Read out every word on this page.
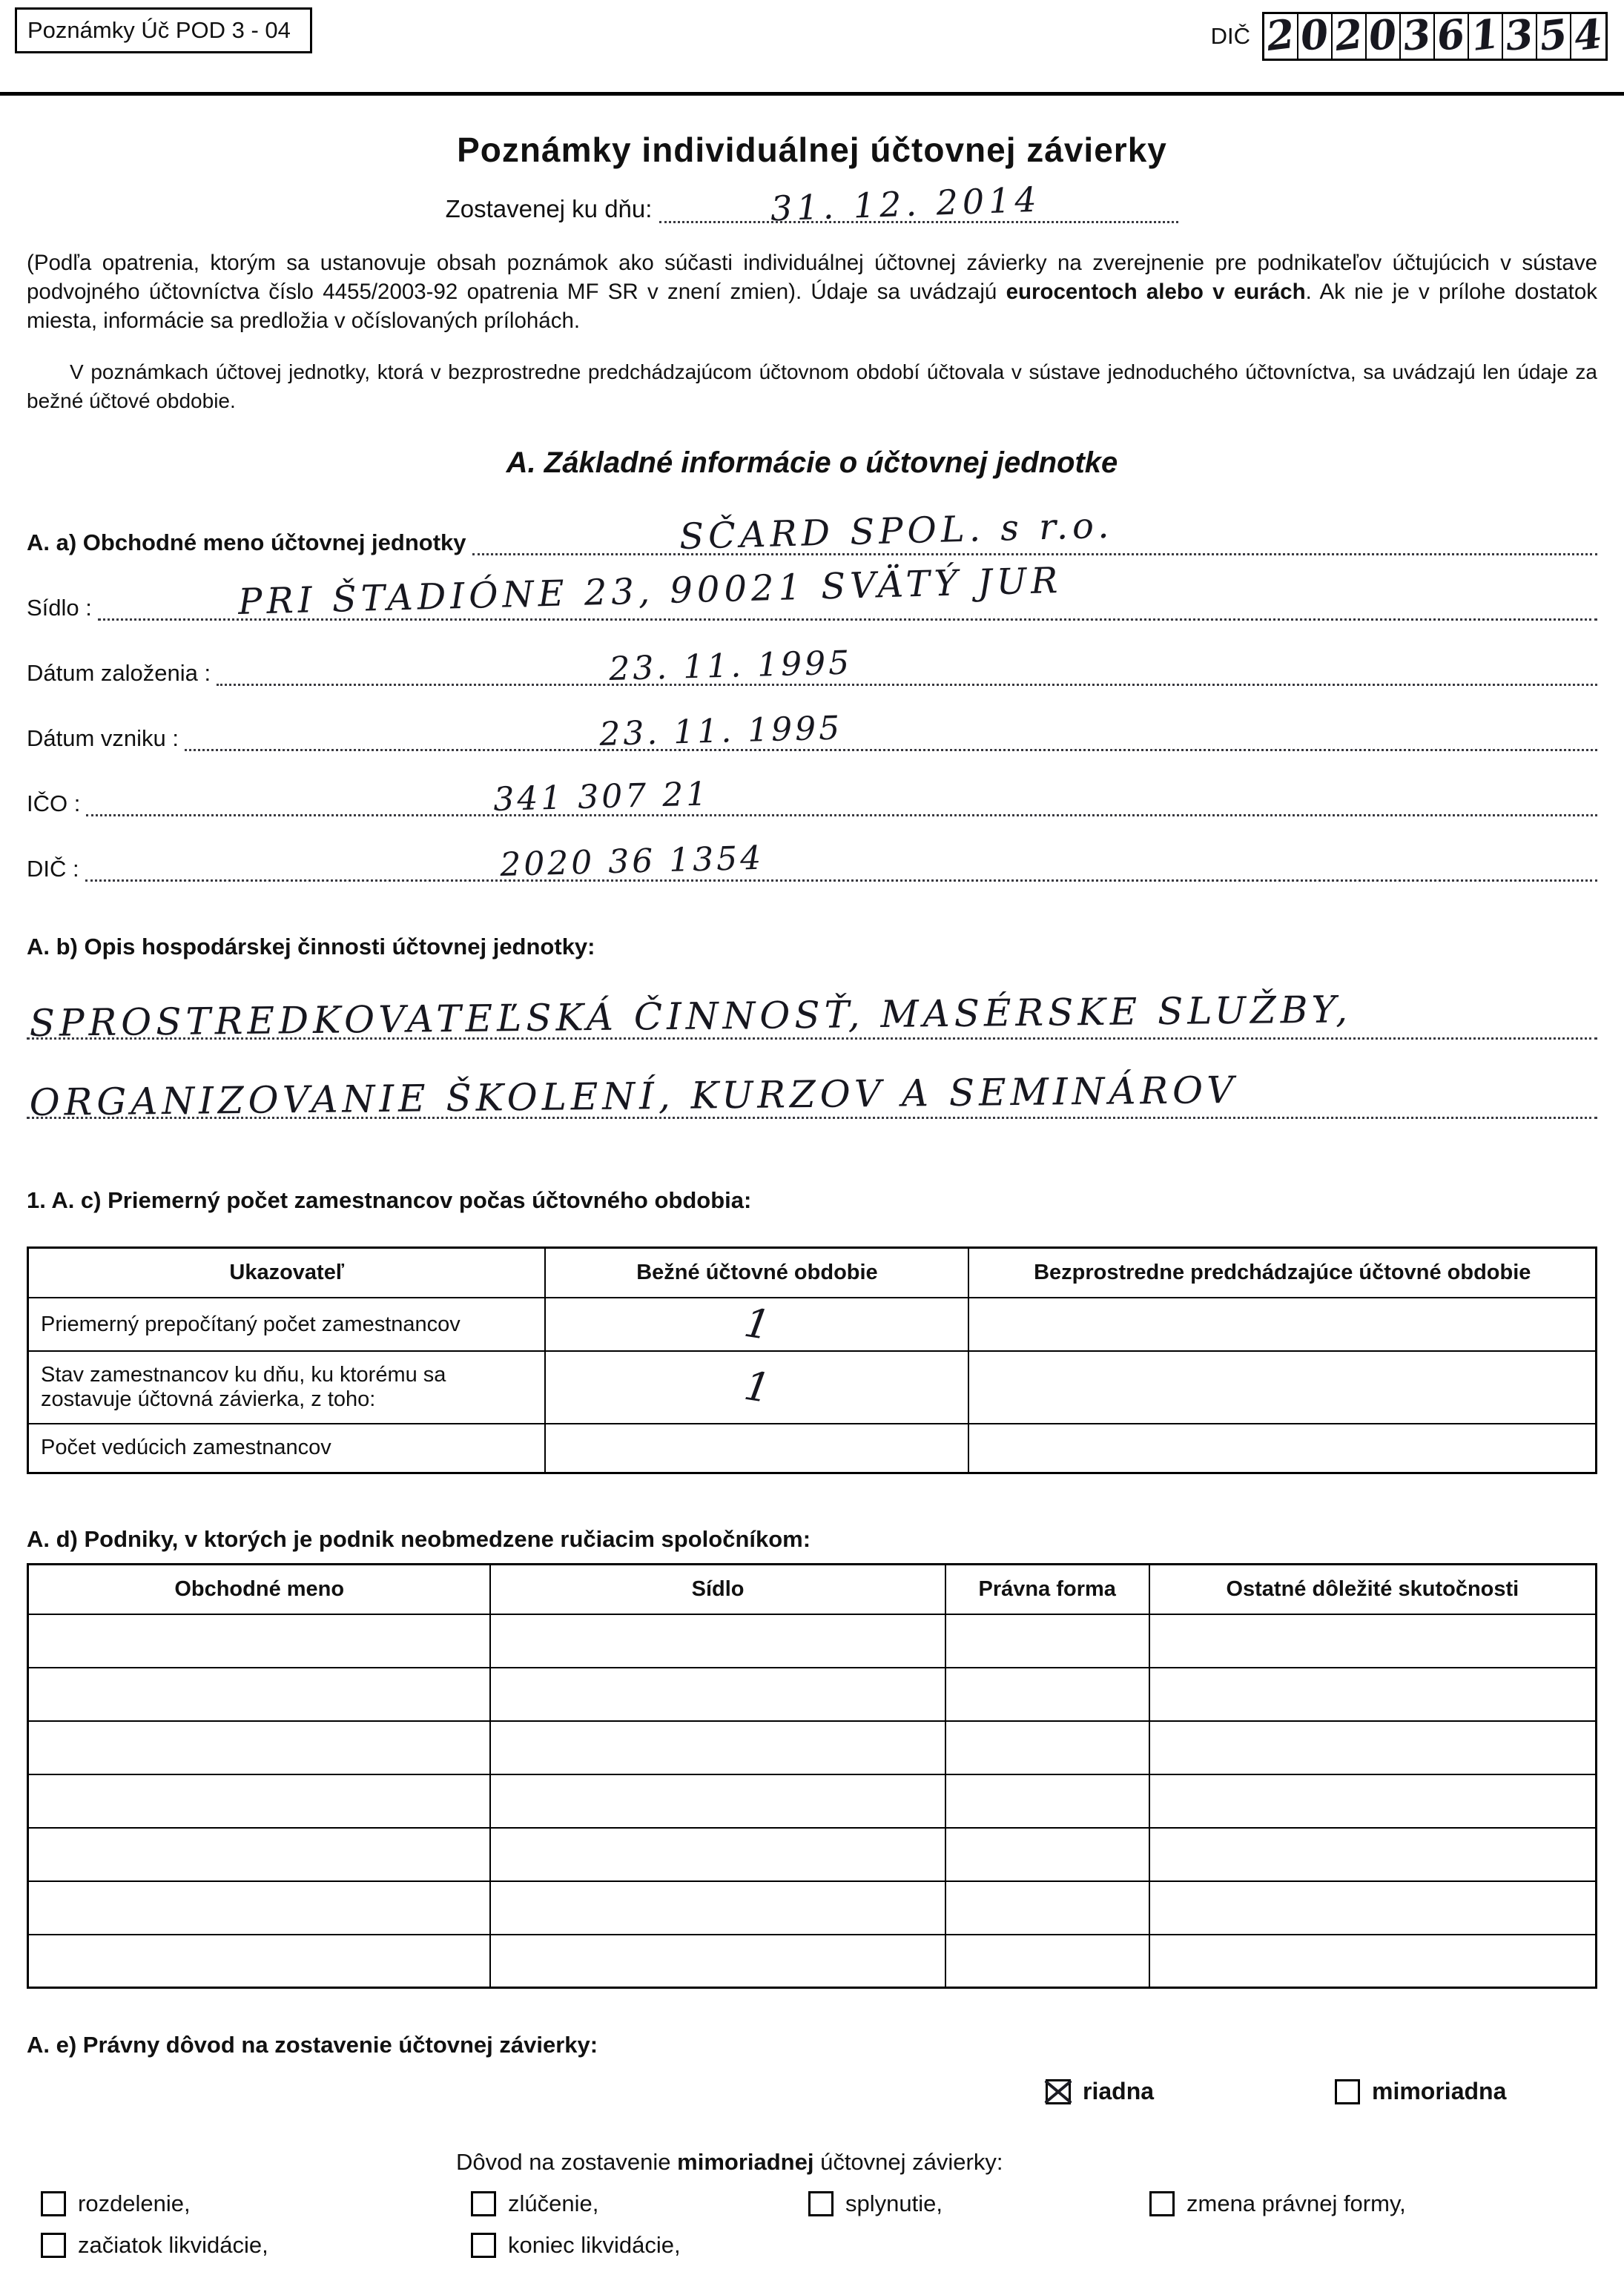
Poznámky Úč POD 3 - 04	DIČ 2 0 2 0 3 6 1 3 5 4
Poznámky individuálnej účtovnej závierky
Zostavenej ku dňu:	31. 12. 2014

(Podľa opatrenia, ktorým sa ustanovuje obsah poznámok ako súčasti individuálnej účtovnej závierky na zverejnenie pre podnikateľov účtujúcich v sústave podvojného účtovníctva číslo 4455/2003-92 opatrenia MF SR v znení zmien). Údaje sa uvádzajú eurocentoch alebo v eurách. Ak nie je v prílohe dostatok miesta, informácie sa predložia v očíslovaných prílohách.

V poznámkach účtovej jednotky, ktorá v bezprostredne predchádzajúcom účtovnom období účtovala v sústave jednoduchého účtovníctva, sa uvádzajú len údaje za bežné účtové obdobie.

A. Základné informácie o účtovnej jednotke
A. a) Obchodné meno účtovnej jednotky	SČARD SPOL. s r.o.
Sídlo :	PRI ŠTADIÓNE 23, 90021 SVÄTÝ JUR
Dátum založenia :	23. 11. 1995
Dátum vzniku :	23. 11. 1995
IČO :	341 307 21
DIČ :	2020 36 1354
A. b) Opis hospodárskej činnosti účtovnej jednotky:
SPROSTREDKOVATEĽSKÁ ČINNOSŤ, MASÉRSKE SLUŽBY,
ORGANIZOVANIE ŠKOLENÍ, KURZOV A SEMINÁROV
1. A. c) Priemerný počet zamestnancov počas účtovného obdobia:
Ukazovateľ	Bežné účtovné obdobie	Bezprostredne predchádzajúce účtovné obdobie
Priemerný prepočítaný počet zamestnancov	1	
Stav zamestnancov ku dňu, ku ktorému sa zostavuje účtovná závierka, z toho:	1	
Počet vedúcich zamestnancov		
A. d) Podniky, v ktorých je podnik neobmedzene ručiacim spoločníkom:
Obchodné meno	Sídlo	Právna forma	Ostatné dôležité skutočnosti

A. e) Právny dôvod na zostavenie účtovnej závierky:
riadna	mimoriadna

Dôvod na zostavenie mimoriadnej účtovnej závierky:

rozdelenie,	zlúčenie,	splynutie,	zmena právnej formy,
začiatok likvidácie,	koniec likvidácie,
